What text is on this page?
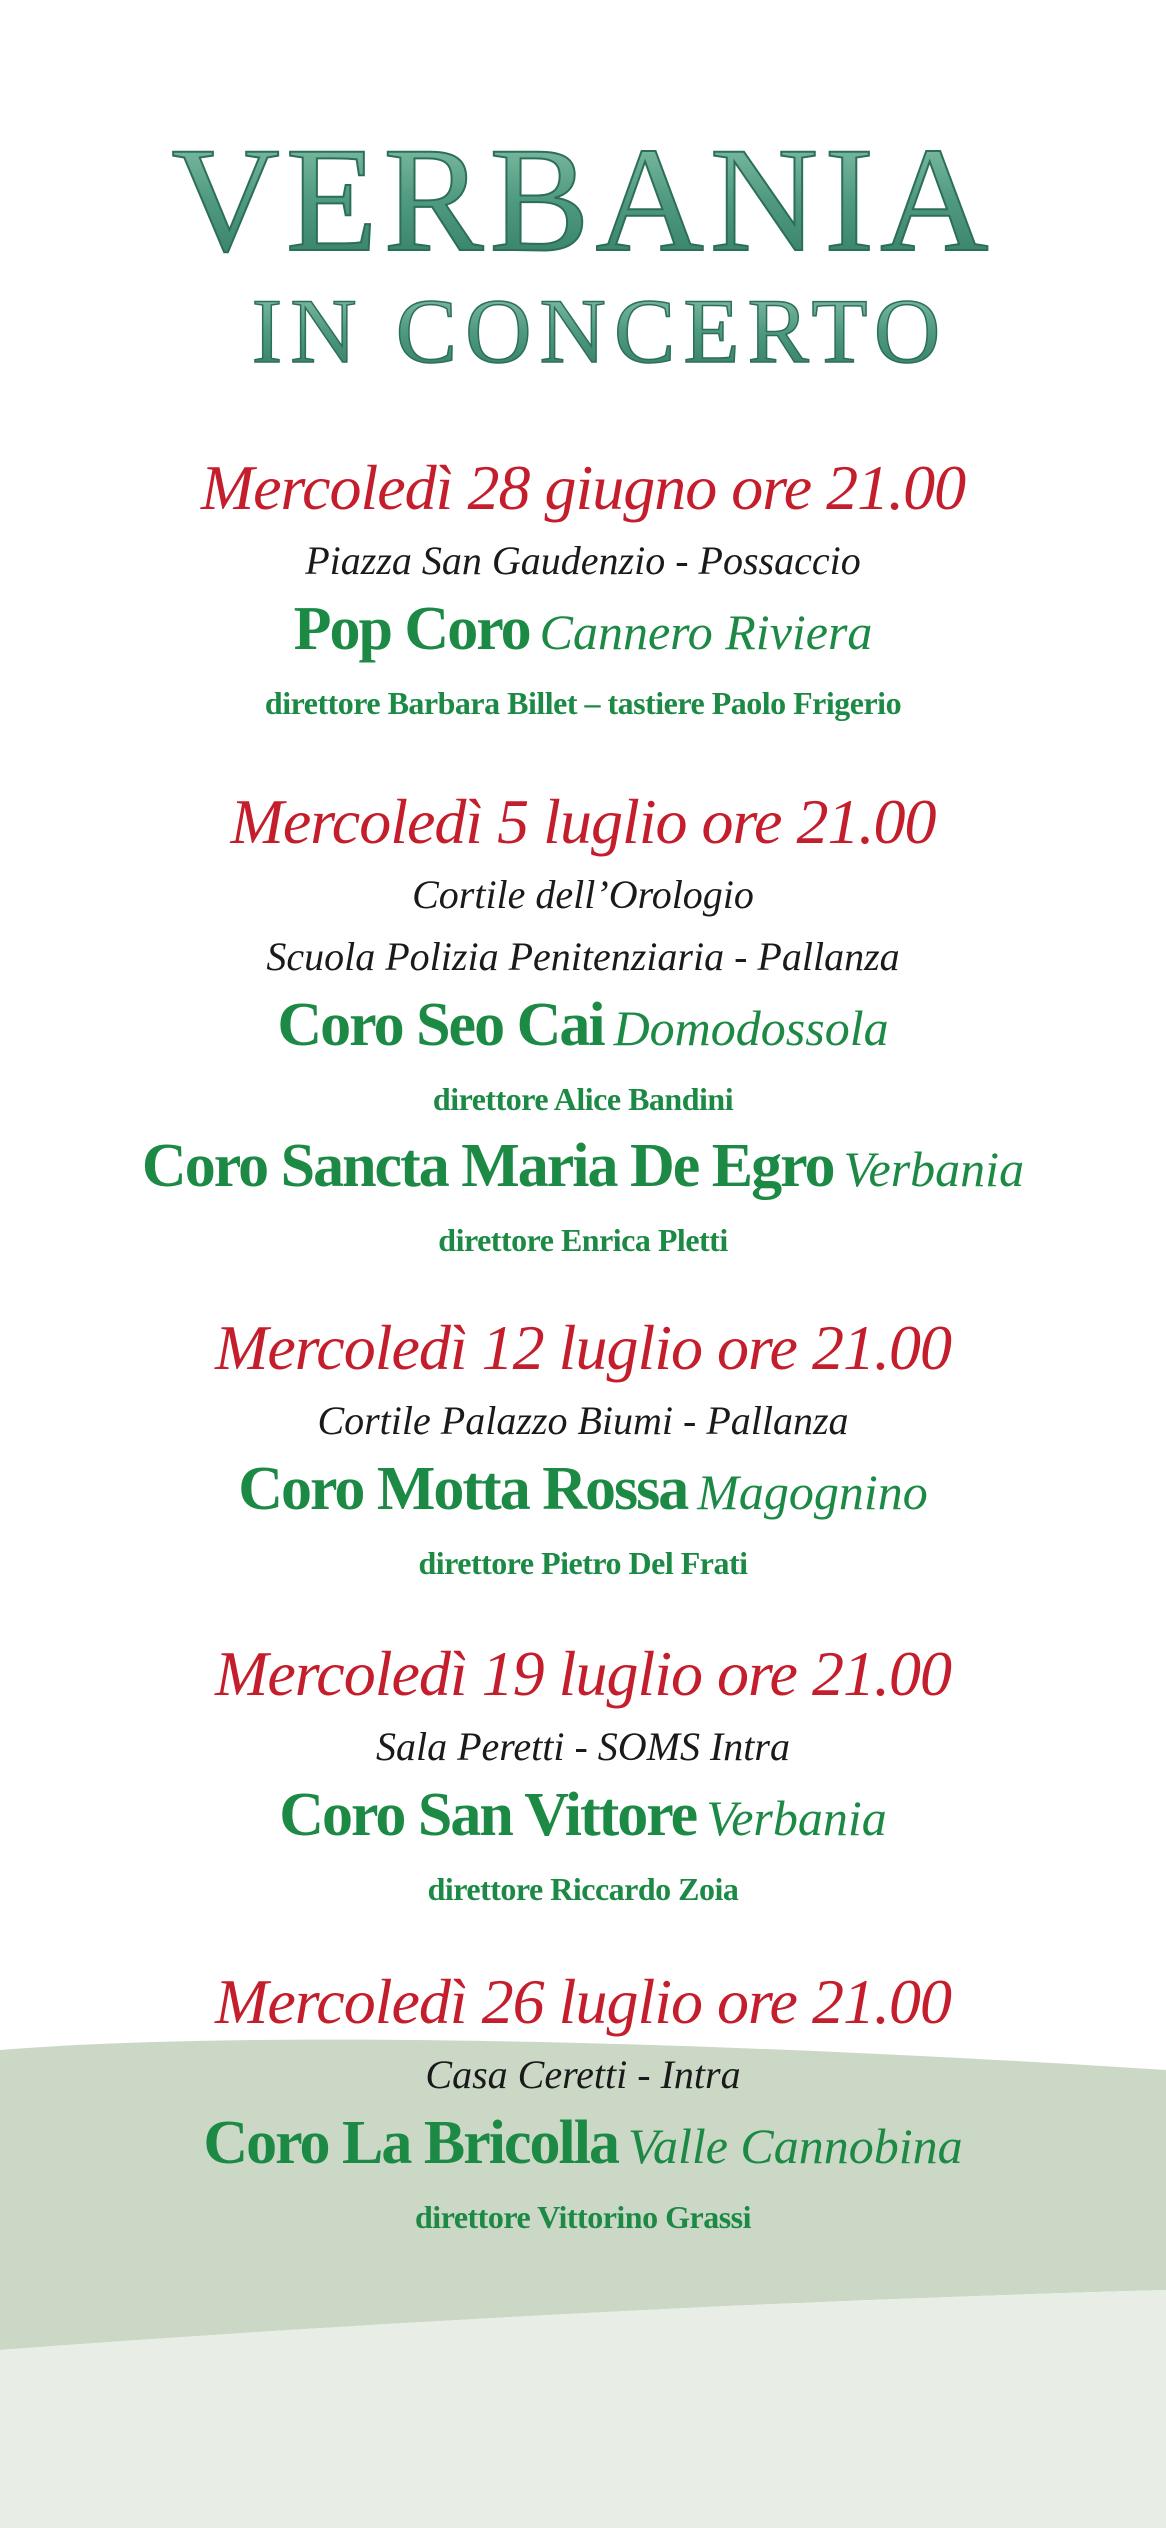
VERBANIA
IN CONCERTO
Mercoledì 28 giugno ore 21.00
Piazza San Gaudenzio - Possaccio
Pop Coro Cannero Riviera
direttore Barbara Billet – tastiere Paolo Frigerio
Mercoledì 5 luglio ore 21.00
Cortile dell’Orologio
Scuola Polizia Penitenziaria - Pallanza
Coro Seo Cai Domodossola
direttore Alice Bandini
Coro Sancta Maria De Egro Verbania
direttore Enrica Pletti
Mercoledì 12 luglio ore 21.00
Cortile Palazzo Biumi - Pallanza
Coro Motta Rossa Magognino
direttore Pietro Del Frati
Mercoledì 19 luglio ore 21.00
Sala Peretti - SOMS Intra
Coro San Vittore Verbania
direttore Riccardo Zoia
Mercoledì 26 luglio ore 21.00
Casa Ceretti - Intra
Coro La Bricolla Valle Cannobina
direttore Vittorino Grassi
